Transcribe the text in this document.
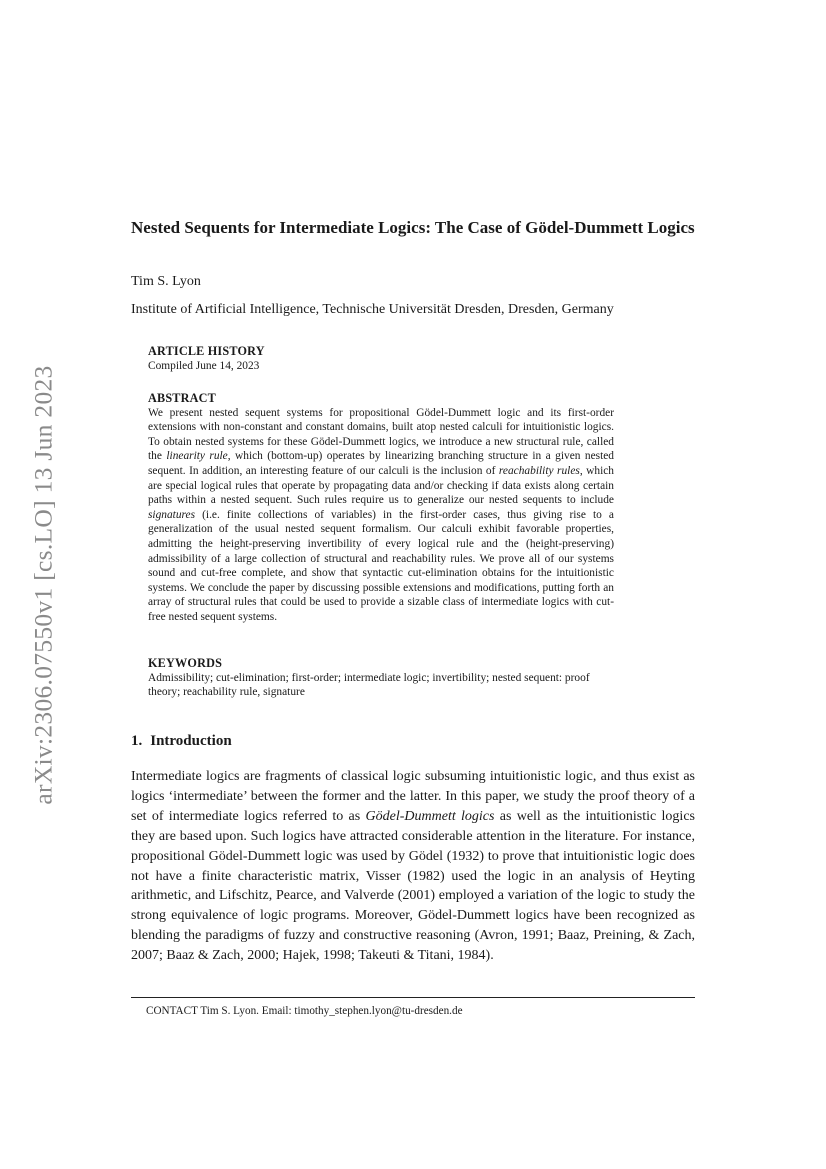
arXiv:2306.07550v1 [cs.LO] 13 Jun 2023
Nested Sequents for Intermediate Logics: The Case of Gödel-Dummett Logics
Tim S. Lyon
Institute of Artificial Intelligence, Technische Universität Dresden, Dresden, Germany
ARTICLE HISTORY

Compiled June 14, 2023

ABSTRACT

We present nested sequent systems for propositional Gödel-Dummett logic and its first-order extensions with non-constant and constant domains, built atop nested calculi for intuitionistic logics. To obtain nested systems for these Gödel-Dummett logics, we introduce a new structural rule, called the linearity rule, which (bottom-up) operates by linearizing branching structure in a given nested sequent. In addition, an interesting feature of our calculi is the inclusion of reachability rules, which are special logical rules that operate by propagating data and/or checking if data exists along certain paths within a nested sequent. Such rules require us to generalize our nested sequents to include signatures (i.e. finite collections of variables) in the first-order cases, thus giving rise to a generalization of the usual nested sequent formalism. Our calculi exhibit favorable properties, admitting the height-preserving invertibility of every logical rule and the (height-preserving) admissibility of a large collection of structural and reachability rules. We prove all of our systems sound and cut-free complete, and show that syntactic cut-elimination obtains for the intuitionistic systems. We conclude the paper by discussing possible extensions and modifications, putting forth an array of structural rules that could be used to provide a sizable class of intermediate logics with cut-free nested sequent systems.

KEYWORDS

Admissibility; cut-elimination; first-order; intermediate logic; invertibility; nested sequent: proof theory; reachability rule, signature

1. Introduction

Intermediate logics are fragments of classical logic subsuming intuitionistic logic, and thus exist as logics ‘intermediate’ between the former and the latter. In this paper, we study the proof theory of a set of intermediate logics referred to as Gödel-Dummett logics as well as the intuitionistic logics they are based upon. Such logics have attracted considerable attention in the literature. For instance, propositional Gödel-Dummett logic was used by Gödel (1932) to prove that intuitionistic logic does not have a finite characteristic matrix, Visser (1982) used the logic in an analysis of Heyting arithmetic, and Lifschitz, Pearce, and Valverde (2001) employed a variation of the logic to study the strong equivalence of logic programs. Moreover, Gödel-Dummett logics have been recognized as blending the paradigms of fuzzy and constructive reasoning (Avron, 1991; Baaz, Preining, & Zach, 2007; Baaz & Zach, 2000; Hajek, 1998; Takeuti & Titani, 1984).

CONTACT Tim S. Lyon. Email: timothy_stephen.lyon@tu-dresden.de
